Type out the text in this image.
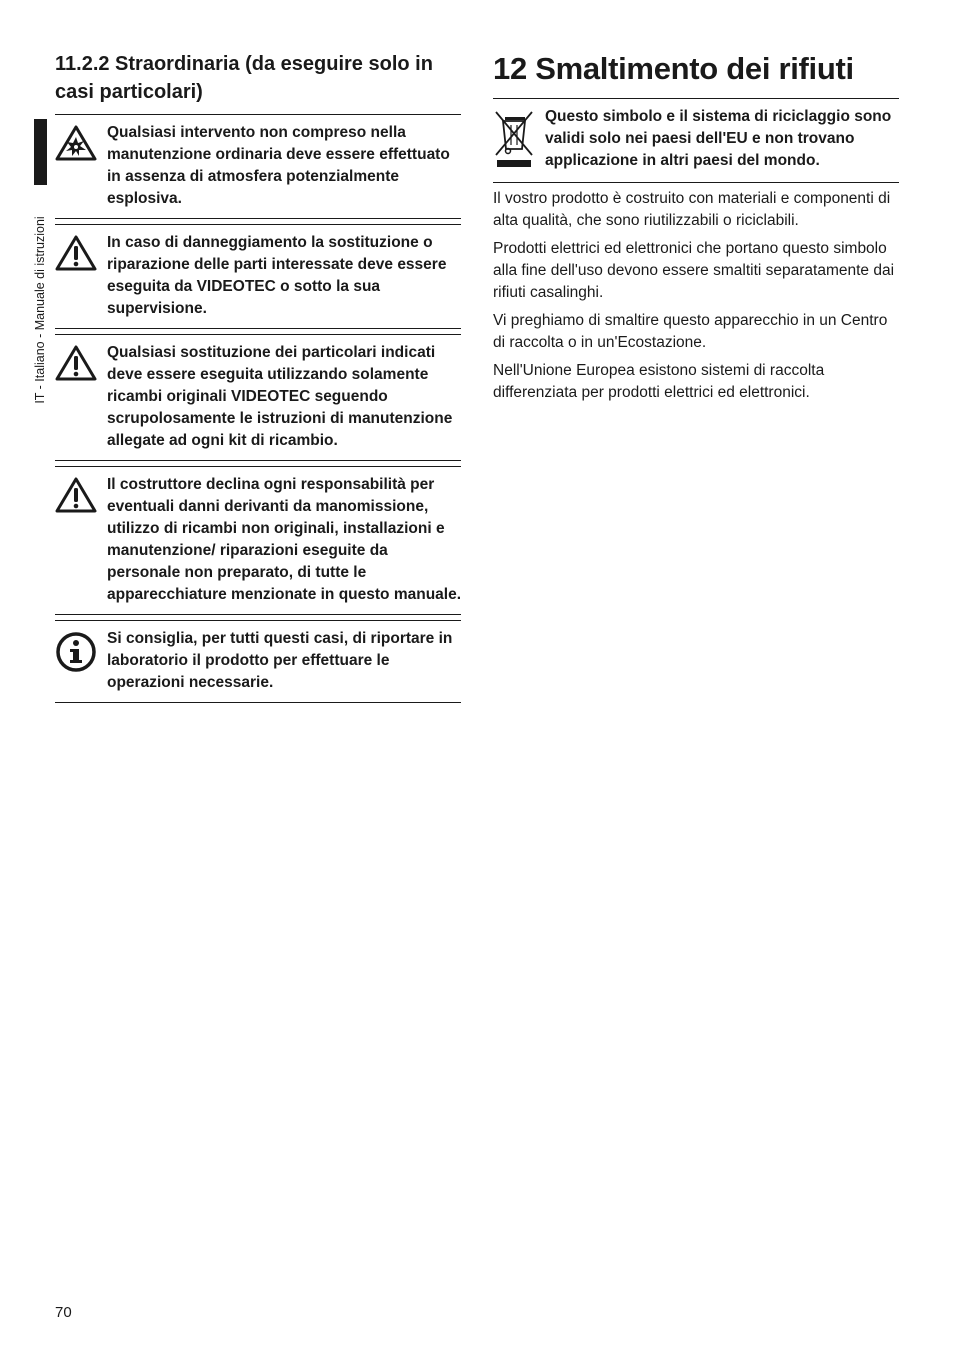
IT - Italiano - Manuale di istruzioni
11.2.2 Straordinaria (da eseguire solo in casi particolari)
Qualsiasi intervento non compreso nella manutenzione ordinaria deve essere effettuato in assenza di atmosfera potenzialmente esplosiva.
In caso di danneggiamento la sostituzione o riparazione delle parti interessate deve essere eseguita da VIDEOTEC o sotto la sua supervisione.
Qualsiasi sostituzione dei particolari indicati deve essere eseguita utilizzando solamente ricambi originali VIDEOTEC seguendo scrupolosamente le istruzioni di manutenzione allegate ad ogni kit di ricambio.
Il costruttore declina ogni responsabilità per eventuali danni derivanti da manomissione, utilizzo di ricambi non originali, installazioni e manutenzione/ riparazioni eseguite da personale non preparato, di tutte le apparecchiature menzionate in questo manuale.
Si consiglia, per tutti questi casi, di riportare in laboratorio il prodotto per effettuare le operazioni necessarie.
12 Smaltimento dei rifiuti
Questo simbolo e il sistema di riciclaggio sono validi solo nei paesi dell'EU e non trovano applicazione in altri paesi del mondo.

Il vostro prodotto è costruito con materiali e componenti di alta qualità, che sono riutilizzabili o riciclabili.

Prodotti elettrici ed elettronici che portano questo simbolo alla fine dell'uso devono essere smaltiti separatamente dai rifiuti casalinghi.

Vi preghiamo di smaltire questo apparecchio in un Centro di raccolta o in un'Ecostazione.

Nell'Unione Europea esistono sistemi di raccolta differenziata per prodotti elettrici ed elettronici.

70
